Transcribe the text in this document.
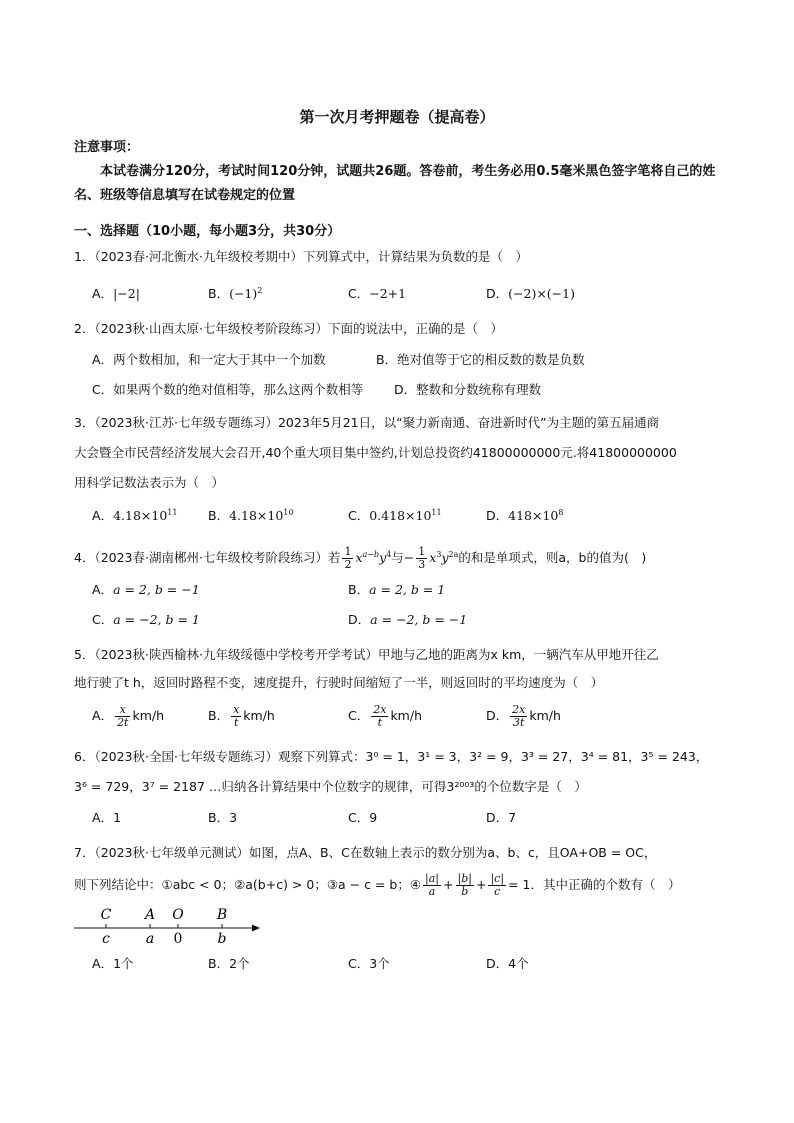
第一次月考押题卷（提高卷）
注意事项：
本试卷满分120分，考试时间120分钟，试题共26题。答卷前，考生务必用0.5毫米黑色签字笔将自己的姓名、班级等信息填写在试卷规定的位置
一、选择题（10小题，每小题3分，共30分）
1．（2023春·河北衡水·九年级校考期中）下列算式中，计算结果为负数的是（　）
A．|−2|	B．$(-1)^2$	C．−2+1	D．(−2)×(−1)
2．（2023秋·山西太原·七年级校考阶段练习）下面的说法中，正确的是（　）
A．两个数相加，和一定大于其中一个加数	B．绝对值等于它的相反数的数是负数
C．如果两个数的绝对值相等，那么这两个数相等 D．整数和分数统称有理数
3．（2023秋·江苏·七年级专题练习）2023年5月21日，以“聚力新南通、奋进新时代”为主题的第五届通商
大会暨全市民营经济发展大会召开,40个重大项目集中签约,计划总投资约41800000000元.将41800000000
用科学记数法表示为（　）
A．$4.18\times 10^{11}$ B．$4.18\times 10^{10}$	C．$0.418\times 10^{11}$	D．$418\times 10^8$
4．（2023春·湖南郴州·七年级校考阶段练习）若 $\frac{1}{2} x^{a-b}y^4$与− $\frac{1}{3} x^3y^{2a}$的和是单项式，则a，b的值为(　)
A．a = 2, b = −1	B．a = 2, b = 1
C．a = −2, b = 1	D．a = −2, b = −1
5．（2023秋·陕西榆林·九年级绥德中学校考开学考试）甲地与乙地的距离为x km，一辆汽车从甲地开往乙
地行驶了t h，返回时路程不变，速度提升，行驶时间缩短了一半，则返回时的平均速度为（　）
A． $\frac{x}{2t} km/h$	B． $\frac{x}{t} km/h$	C． $\frac{2x}{t} km/h$	D． $\frac{2x}{3t} km/h$
6．（2023秋·全国·七年级专题练习）观察下列算式：3⁰ = 1，3¹ = 3，3² = 9，3³ = 27，3⁴ = 81，3⁵ = 243，
3⁶ = 729，3⁷ = 2187 …归纳各计算结果中个位数字的规律，可得3²⁰⁰³的个位数字是（　）
A．1	B．3	C．9	D．7
7．（2023秋·七年级单元测试）如图，点A、B、C在数轴上表示的数分别为a、b、c，且OA+OB = OC，
则下列结论中：①abc < 0；②a(b+c) > 0；③a − c = b；④ $\frac{|a|}{a} + \frac{|b|}{b} + \frac{|c|}{c} = 1$．其中正确的个数有（　）
C A O B
c	a 0	b
A．1个	B．2个	C．3个	D．4个
